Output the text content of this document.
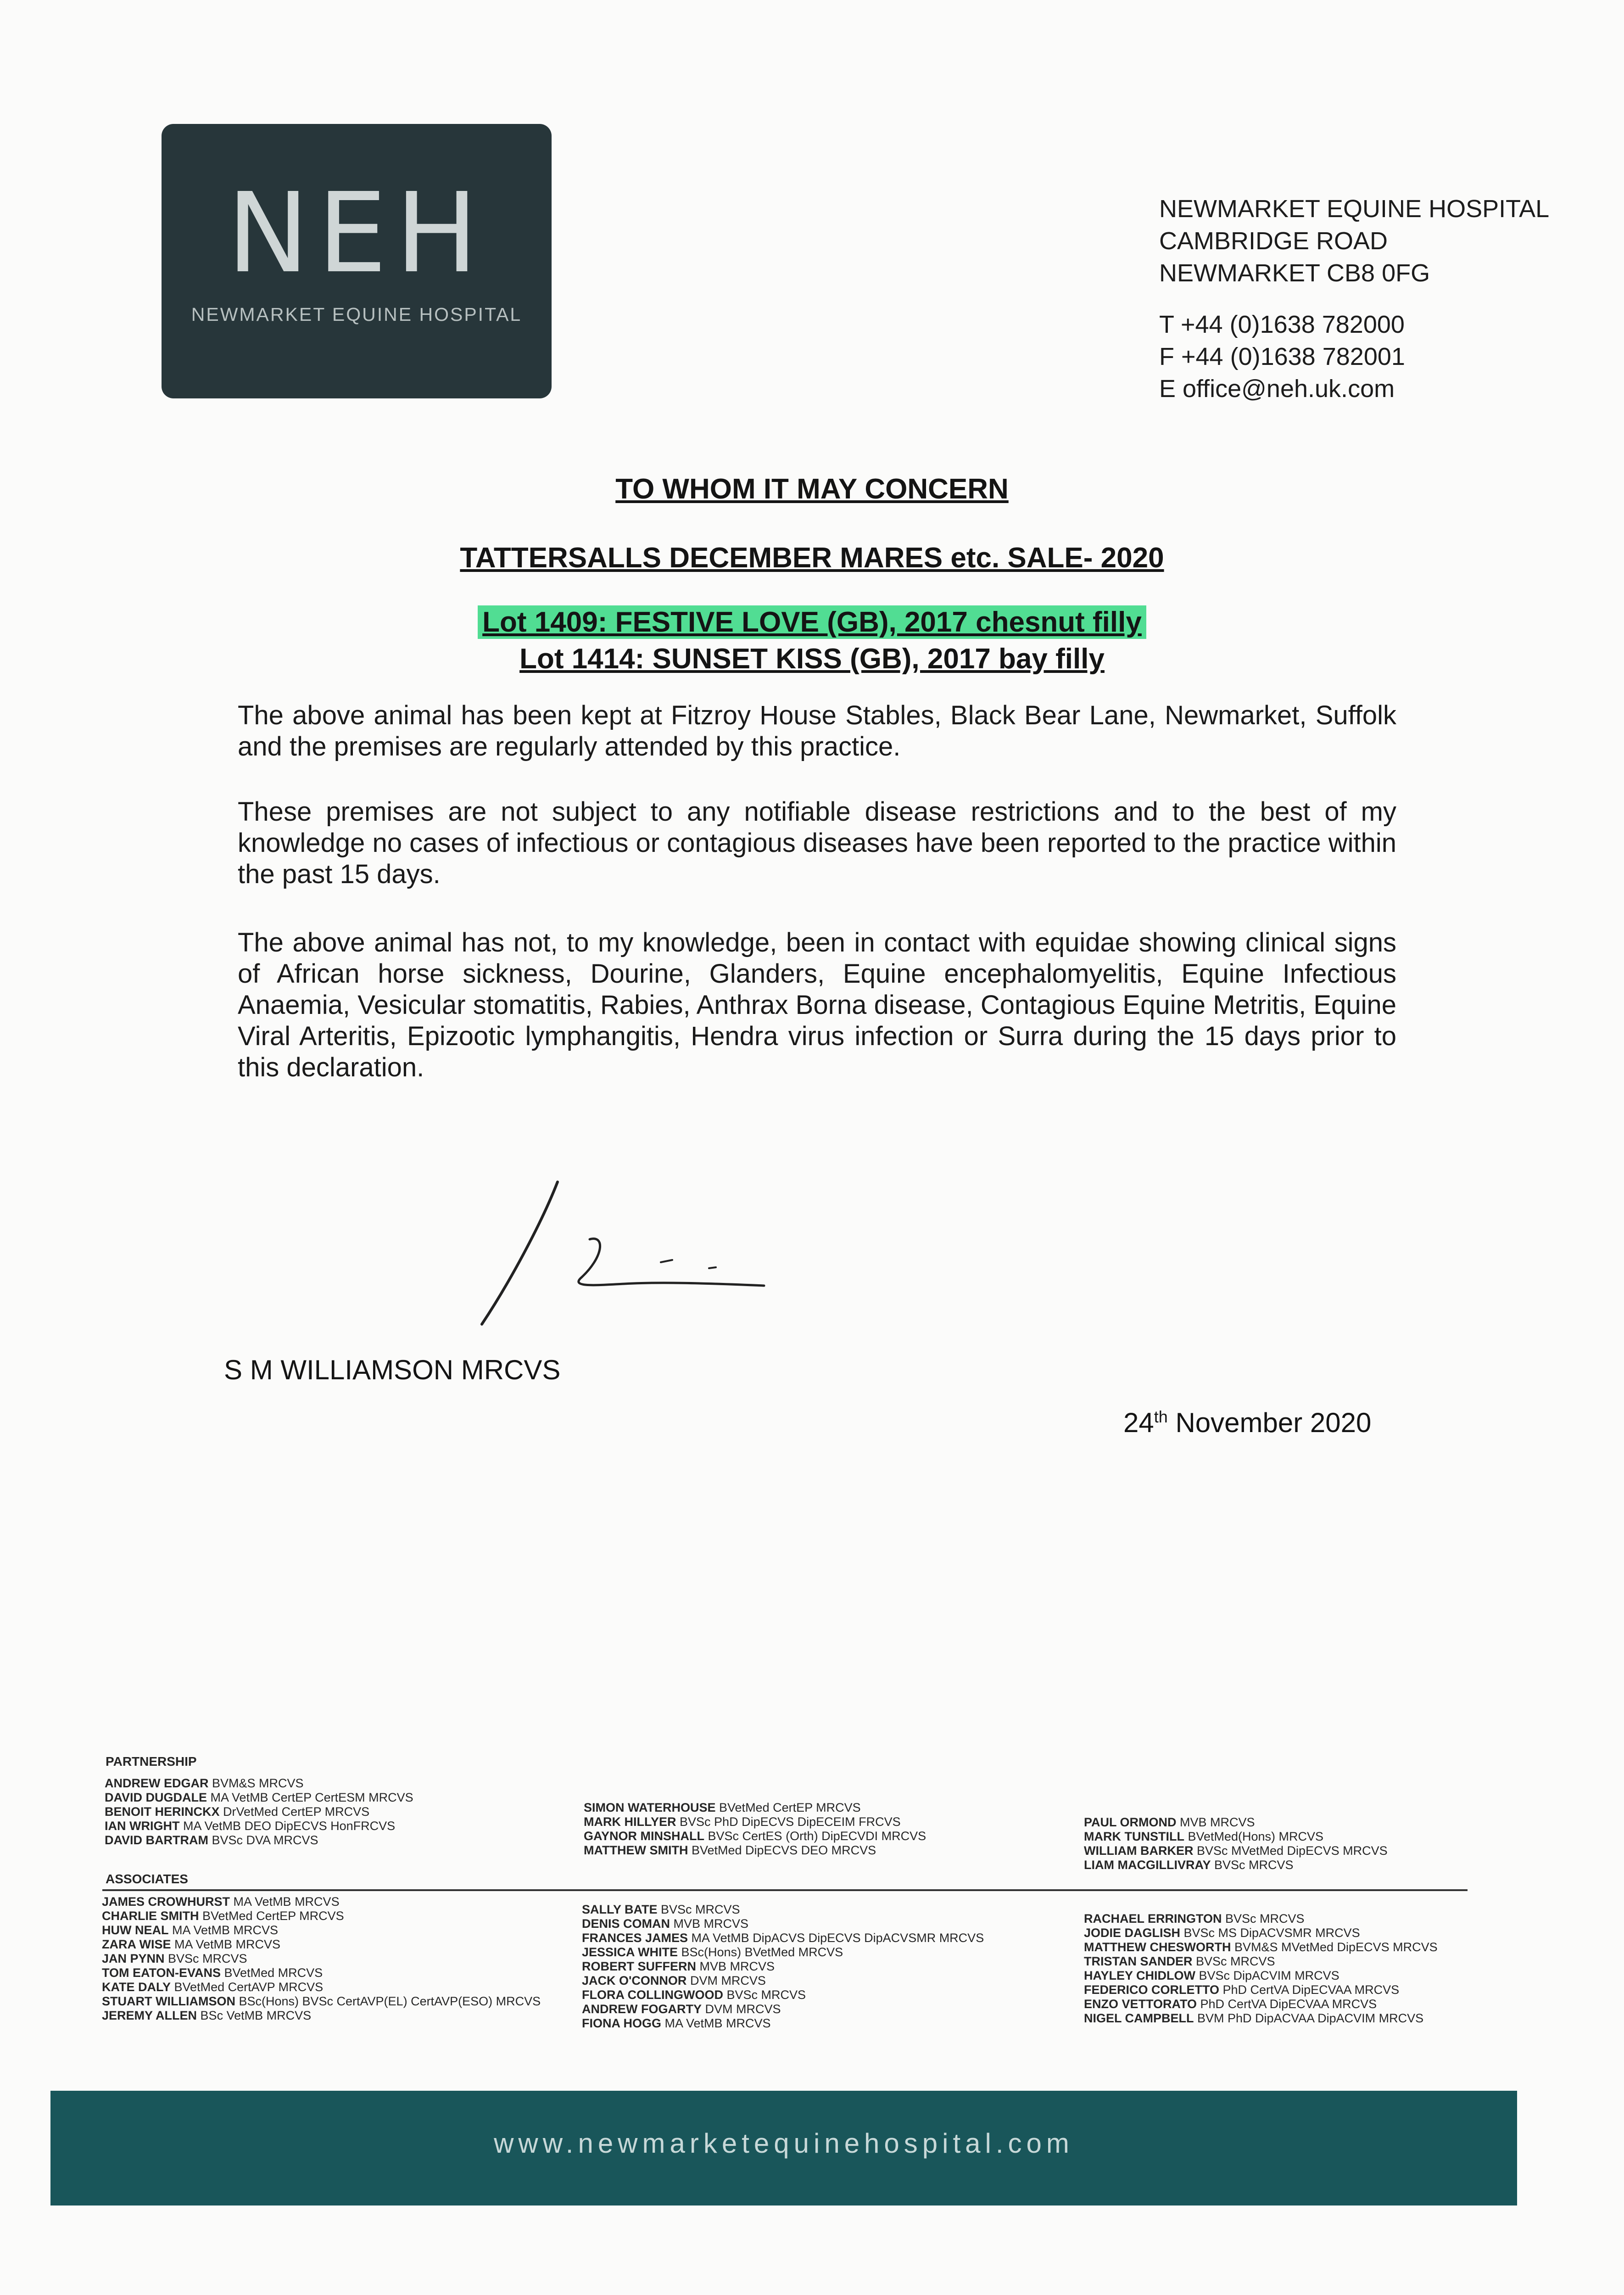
NEH
NEWMARKET EQUINE HOSPITAL
NEWMARKET EQUINE HOSPITAL
CAMBRIDGE ROAD
NEWMARKET CB8 0FG
T +44 (0)1638 782000
F +44 (0)1638 782001
E office@neh.uk.com
TO WHOM IT MAY CONCERN
TATTERSALLS DECEMBER MARES etc. SALE- 2020
Lot 1409: FESTIVE LOVE (GB), 2017 chesnut filly
Lot 1414: SUNSET KISS (GB), 2017 bay filly
The above animal has been kept at Fitzroy House Stables, Black Bear Lane, Newmarket, Suffolk and the premises are regularly attended by this practice.
These premises are not subject to any notifiable disease restrictions and to the best of my knowledge no cases of infectious or contagious diseases have been reported to the practice within the past 15 days.
The above animal has not, to my knowledge, been in contact with equidae showing clinical signs of African horse sickness, Dourine, Glanders, Equine encephalomyelitis, Equine Infectious Anaemia, Vesicular stomatitis, Rabies, Anthrax Borna disease, Contagious Equine Metritis, Equine Viral Arteritis, Epizootic lymphangitis, Hendra virus infection or Surra during the 15 days prior to this declaration.
S M WILLIAMSON MRCVS
24th November 2020
PARTNERSHIP
ANDREW EDGAR BVM&S MRCVS
DAVID DUGDALE MA VetMB CertEP CertESM MRCVS
BENOIT HERINCKX DrVetMed CertEP MRCVS
IAN WRIGHT MA VetMB DEO DipECVS HonFRCVS
DAVID BARTRAM BVSc DVA MRCVS
SIMON WATERHOUSE BVetMed CertEP MRCVS
MARK HILLYER BVSc PhD DipECVS DipECEIM FRCVS
GAYNOR MINSHALL BVSc CertES (Orth) DipECVDI MRCVS
MATTHEW SMITH BVetMed DipECVS DEO MRCVS
PAUL ORMOND MVB MRCVS
MARK TUNSTILL BVetMed(Hons) MRCVS
WILLIAM BARKER BVSc MVetMed DipECVS MRCVS
LIAM MACGILLIVRAY BVSc MRCVS
ASSOCIATES
JAMES CROWHURST MA VetMB MRCVS
CHARLIE SMITH BVetMed CertEP MRCVS
HUW NEAL MA VetMB MRCVS
ZARA WISE MA VetMB MRCVS
JAN PYNN BVSc MRCVS
TOM EATON-EVANS BVetMed MRCVS
KATE DALY BVetMed CertAVP MRCVS
STUART WILLIAMSON BSc(Hons) BVSc CertAVP(EL) CertAVP(ESO) MRCVS
JEREMY ALLEN BSc VetMB MRCVS
SALLY BATE BVSc MRCVS
DENIS COMAN MVB MRCVS
FRANCES JAMES MA VetMB DipACVS DipECVS DipACVSMR MRCVS
JESSICA WHITE BSc(Hons) BVetMed MRCVS
ROBERT SUFFERN MVB MRCVS
JACK O'CONNOR DVM MRCVS
FLORA COLLINGWOOD BVSc MRCVS
ANDREW FOGARTY DVM MRCVS
FIONA HOGG MA VetMB MRCVS
RACHAEL ERRINGTON BVSc MRCVS
JODIE DAGLISH BVSc MS DipACVSMR MRCVS
MATTHEW CHESWORTH BVM&S MVetMed DipECVS MRCVS
TRISTAN SANDER BVSc MRCVS
HAYLEY CHIDLOW BVSc DipACVIM MRCVS
FEDERICO CORLETTO PhD CertVA DipECVAA MRCVS
ENZO VETTORATO PhD CertVA DipECVAA MRCVS
NIGEL CAMPBELL BVM PhD DipACVAA DipACVIM MRCVS
www.newmarketequinehospital.com
